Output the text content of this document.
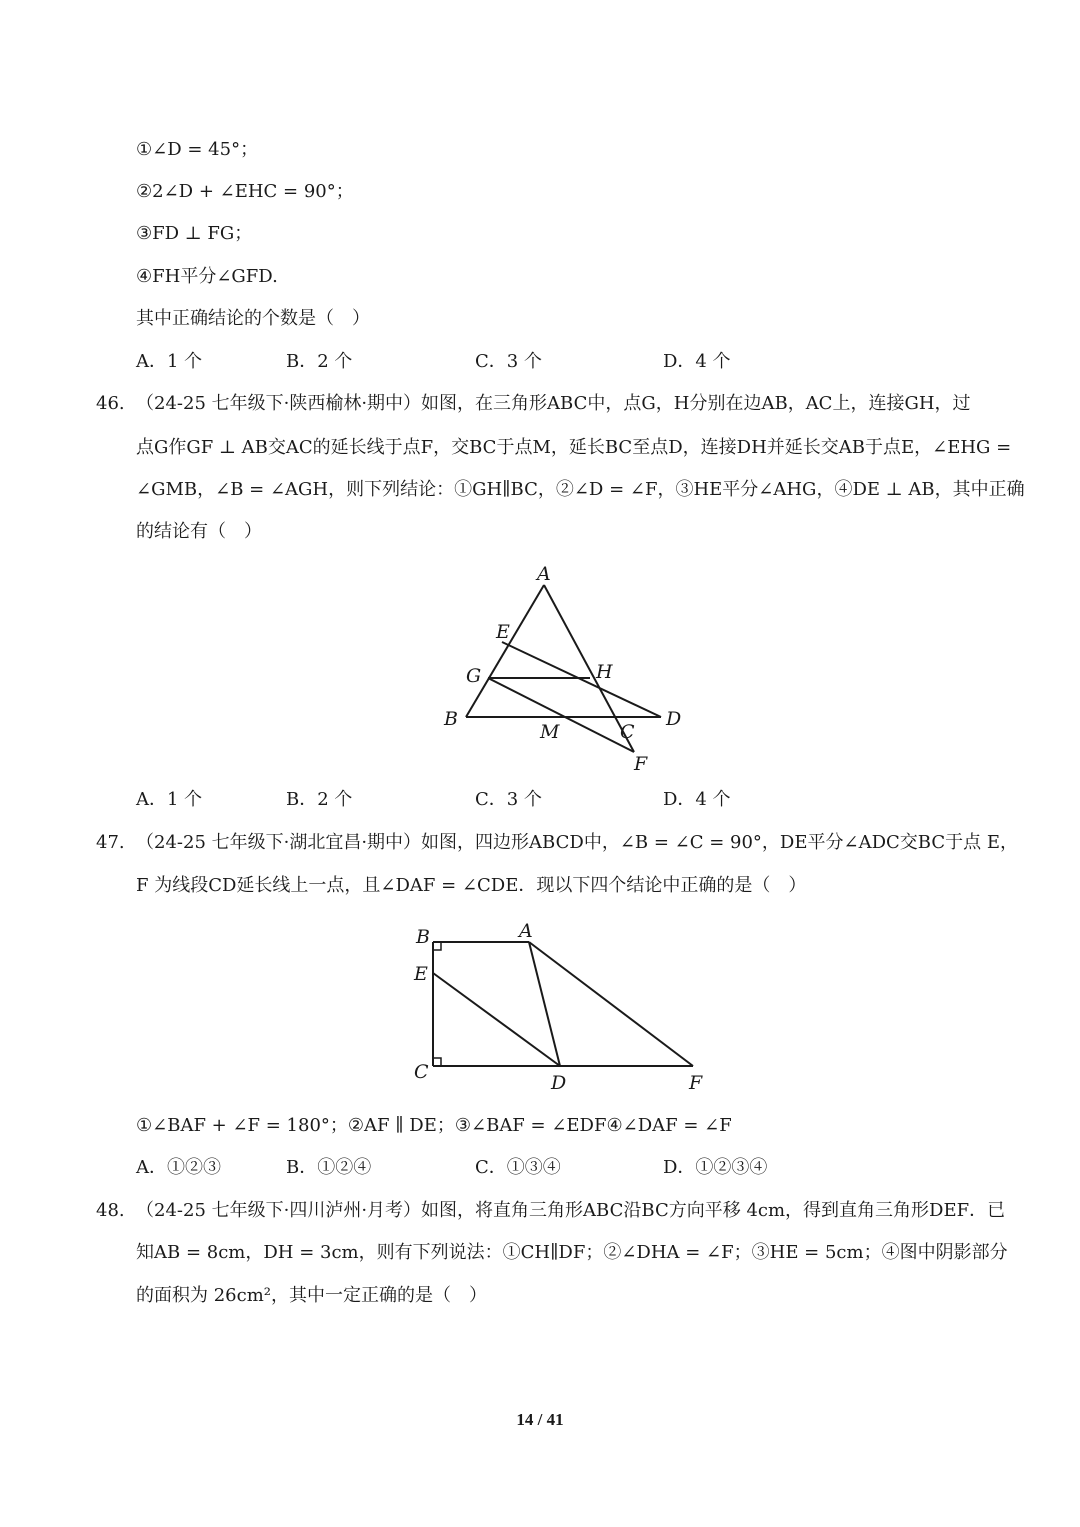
①∠D = 45°；
②2∠D + ∠EHC = 90°；
③FD ⊥ FG；
④FH平分∠GFD.
其中正确结论的个数是（　）
A．1 个	B．2 个	C．3 个	D．4 个
46. （24-25 七年级下·陕西榆林·期中）如图，在三角形ABC中，点G，H分别在边AB，AC上，连接GH，过
点G作GF ⊥ AB交AC的延长线于点F，交BC于点M，延长BC至点D，连接DH并延长交AB于点E，∠EHG =
∠GMB，∠B = ∠AGH，则下列结论：①GH∥BC，②∠D = ∠F，③HE平分∠AHG，④DE ⊥ AB，其中正确
的结论有（　）
A
E
G	H
B
M	C
D
F
A．1 个	B．2 个	C．3 个	D．4 个
47. （24-25 七年级下·湖北宜昌·期中）如图，四边形ABCD中，∠B = ∠C = 90°，DE平分∠ADC交BC于点 E，
F 为线段CD延长线上一点，且∠DAF = ∠CDE．现以下四个结论中正确的是（　）
B	A
E
C	D	F
①∠BAF + ∠F = 180°；②AF ∥ DE；③∠BAF = ∠EDF④∠DAF = ∠F
A．①②③	B．①②④	C．①③④	D．①②③④
48. （24-25 七年级下·四川泸州·月考）如图，将直角三角形ABC沿BC方向平移 4cm，得到直角三角形DEF．已
知AB = 8cm，DH = 3cm，则有下列说法：①CH∥DF；②∠DHA = ∠F；③HE = 5cm；④图中阴影部分
的面积为 26cm²，其中一定正确的是（　）
14 / 41
